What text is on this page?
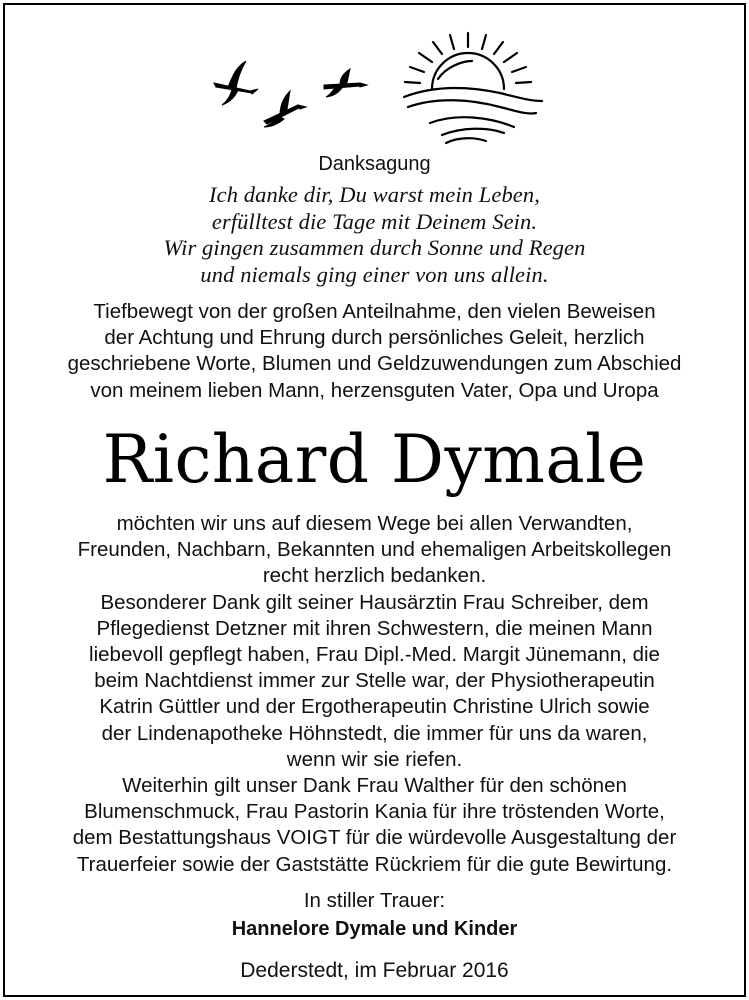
Danksagung
Ich danke dir, Du warst mein Leben,
erfülltest die Tage mit Deinem Sein.
Wir gingen zusammen durch Sonne und Regen
und niemals ging einer von uns allein.
Tiefbewegt von der großen Anteilnahme, den vielen Beweisen
der Achtung und Ehrung durch persönliches Geleit, herzlich
geschriebene Worte, Blumen und Geldzuwendungen zum Abschied
von meinem lieben Mann, herzensguten Vater, Opa und Uropa
Richard Dymale
möchten wir uns auf diesem Wege bei allen Verwandten,
Freunden, Nachbarn, Bekannten und ehemaligen Arbeitskollegen
recht herzlich bedanken.
Besonderer Dank gilt seiner Hausärztin Frau Schreiber, dem
Pflegedienst Detzner mit ihren Schwestern, die meinen Mann
liebevoll gepflegt haben, Frau Dipl.-Med. Margit Jünemann, die
beim Nachtdienst immer zur Stelle war, der Physiotherapeutin
Katrin Güttler und der Ergotherapeutin Christine Ulrich sowie
der Lindenapotheke Höhnstedt, die immer für uns da waren,
wenn wir sie riefen.
Weiterhin gilt unser Dank Frau Walther für den schönen
Blumenschmuck, Frau Pastorin Kania für ihre tröstenden Worte,
dem Bestattungshaus VOIGT für die würdevolle Ausgestaltung der
Trauerfeier sowie der Gaststätte Rückriem für die gute Bewirtung.
In stiller Trauer:
Hannelore Dymale und Kinder
Dederstedt, im Februar 2016
